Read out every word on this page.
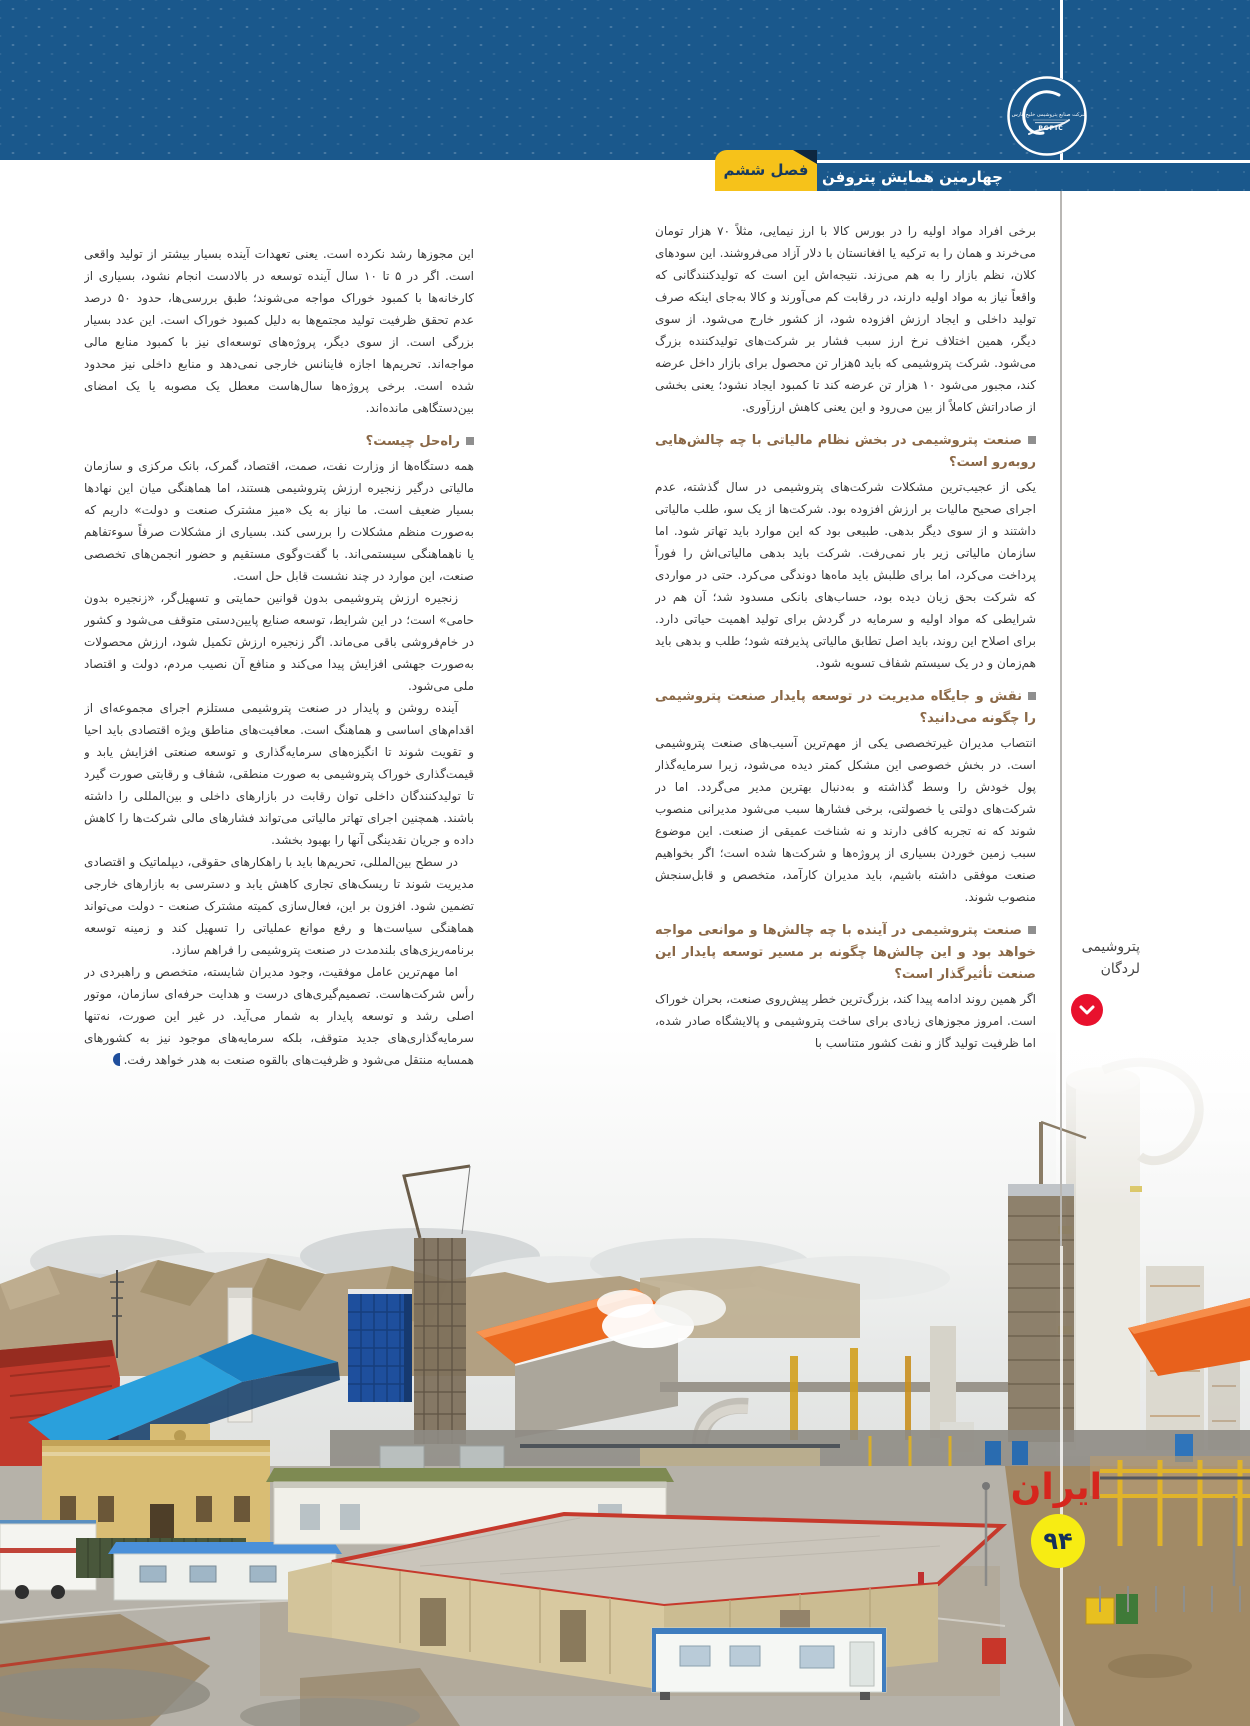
چهارمین همایش پتروفن
فصل ششم
شرکت صنایع پتروشیمی خلیج فارس
PGPIC

این مجوزها رشد نکرده است. یعنی تعهدات آینده بسیار بیشتر از تولید واقعی است. اگر در ۵ تا ۱۰ سال آینده توسعه در بالادست انجام نشود، بسیاری از کارخانه‌ها با کمبود خوراک مواجه می‌شوند؛ طبق بررسی‌ها، حدود ۵۰ درصد عدم تحقق ظرفیت تولید مجتمع‌ها به دلیل کمبود خوراک است. این عدد بسیار بزرگی است. از سوی دیگر، پروژه‌های توسعه‌ای نیز با کمبود منابع مالی مواجه‌اند. تحریم‌ها اجازه فاینانس خارجی نمی‌دهد و منابع داخلی نیز محدود شده است. برخی پروژه‌ها سال‌هاست معطل یک مصوبه یا یک امضای بین‌دستگاهی مانده‌اند.

راه‌حل چیست؟

همه دستگاه‌ها از وزارت نفت، صمت، اقتصاد، گمرک، بانک مرکزی و سازمان مالیاتی درگیر زنجیره ارزش پتروشیمی هستند، اما هماهنگی میان این نهادها بسیار ضعیف است. ما نیاز به یک «میز مشترک صنعت و دولت» داریم که به‌صورت منظم مشکلات را بررسی کند. بسیاری از مشکلات صرفاً سوءتفاهم یا ناهماهنگی سیستمی‌اند. با گفت‌وگوی مستقیم و حضور انجمن‌های تخصصی صنعت، این موارد در چند نشست قابل حل است.

زنجیره ارزش پتروشیمی بدون قوانین حمایتی و تسهیل‌گر، «زنجیره بدون حامی» است؛ در این شرایط، توسعه صنایع پایین‌دستی متوقف می‌شود و کشور در خام‌فروشی باقی می‌ماند. اگر زنجیره ارزش تکمیل شود، ارزش محصولات به‌صورت جهشی افزایش پیدا می‌کند و منافع آن نصیب مردم، دولت و اقتصاد ملی می‌شود.

آینده روشن و پایدار در صنعت پتروشیمی مستلزم اجرای مجموعه‌ای از اقدام‌های اساسی و هماهنگ است. معافیت‌های مناطق ویژه اقتصادی باید احیا و تقویت شوند تا انگیزه‌های سرمایه‌گذاری و توسعه صنعتی افزایش یابد و قیمت‌گذاری خوراک پتروشیمی به صورت منطقی، شفاف و رقابتی صورت گیرد تا تولیدکنندگان داخلی توان رقابت در بازارهای داخلی و بین‌المللی را داشته باشند. همچنین اجرای تهاتر مالیاتی می‌تواند فشارهای مالی شرکت‌ها را کاهش داده و جریان نقدینگی آنها را بهبود بخشد.

در سطح بین‌المللی، تحریم‌ها باید با راهکارهای حقوقی، دیپلماتیک و اقتصادی مدیریت شوند تا ریسک‌های تجاری کاهش یابد و دسترسی به بازارهای خارجی تضمین شود. افزون بر این، فعال‌سازی کمیته مشترک صنعت - دولت می‌تواند هماهنگی سیاست‌ها و رفع موانع عملیاتی را تسهیل کند و زمینه توسعه برنامه‌ریزی‌های بلندمدت در صنعت پتروشیمی را فراهم سازد.

اما مهم‌ترین عامل موفقیت، وجود مدیران شایسته، متخصص و راهبردی در رأس شرکت‌هاست. تصمیم‌گیری‌های درست و هدایت حرفه‌ای سازمان، موتور اصلی رشد و توسعه پایدار به شمار می‌آید. در غیر این صورت، نه‌تنها سرمایه‌گذاری‌های جدید متوقف، بلکه سرمایه‌های موجود نیز به کشورهای همسایه منتقل می‌شود و ظرفیت‌های بالقوه صنعت به هدر خواهد رفت.

برخی افراد مواد اولیه را در بورس کالا با ارز نیمایی، مثلاً ۷۰ هزار تومان می‌خرند و همان را به ترکیه یا افغانستان با دلار آزاد می‌فروشند. این سودهای کلان، نظم بازار را به هم می‌زند. نتیجه‌اش این است که تولیدکنندگانی که واقعاً نیاز به مواد اولیه دارند، در رقابت کم می‌آورند و کالا به‌جای اینکه صرف تولید داخلی و ایجاد ارزش افزوده شود، از کشور خارج می‌شود. از سوی دیگر، همین اختلاف نرخ ارز سبب فشار بر شرکت‌های تولیدکننده بزرگ می‌شود. شرکت پتروشیمی که باید ۵هزار تن محصول برای بازار داخل عرضه کند، مجبور می‌شود ۱۰ هزار تن عرضه کند تا کمبود ایجاد نشود؛ یعنی بخشی از صادراتش کاملاً از بین می‌رود و این یعنی کاهش ارزآوری.

صنعت پتروشیمی در بخش نظام مالیاتی با چه چالش‌هایی روبه‌رو است؟

یکی از عجیب‌ترین مشکلات شرکت‌های پتروشیمی در سال گذشته، عدم اجرای صحیح مالیات بر ارزش افزوده بود. شرکت‌ها از یک سو، طلب مالیاتی داشتند و از سوی دیگر بدهی. طبیعی بود که این موارد باید تهاتر شود. اما سازمان مالیاتی زیر بار نمی‌رفت. شرکت باید بدهی مالیاتی‌اش را فوراً پرداخت می‌کرد، اما برای طلبش باید ماه‌ها دوندگی می‌کرد. حتی در مواردی که شرکت بحق زیان دیده بود، حساب‌های بانکی مسدود شد؛ آن هم در شرایطی که مواد اولیه و سرمایه در گردش برای تولید اهمیت حیاتی دارد. برای اصلاح این روند، باید اصل تطابق مالیاتی پذیرفته شود؛ طلب و بدهی باید هم‌زمان و در یک سیستم شفاف تسویه شود.

نقش و جایگاه مدیریت در توسعه پایدار صنعت پتروشیمی را چگونه می‌دانید؟

انتصاب مدیران غیرتخصصی یکی از مهم‌ترین آسیب‌های صنعت پتروشیمی است. در بخش خصوصی این مشکل کمتر دیده می‌شود، زیرا سرمایه‌گذار پول خودش را وسط گذاشته و به‌دنبال بهترین مدیر می‌گردد. اما در شرکت‌های دولتی یا خصولتی، برخی فشارها سبب می‌شود مدیرانی منصوب شوند که نه تجربه کافی دارند و نه شناخت عمیقی از صنعت. این موضوع سبب زمین خوردن بسیاری از پروژه‌ها و شرکت‌ها شده است؛ اگر بخواهیم صنعت موفقی داشته باشیم، باید مدیران کارآمد، متخصص و قابل‌سنجش منصوب شوند.

صنعت پتروشیمی در آینده با چه چالش‌ها و موانعی مواجه خواهد بود و این چالش‌ها چگونه بر مسیر توسعه پایدار این صنعت تأثیرگذار است؟

اگر همین روند ادامه پیدا کند، بزرگ‌ترین خطر پیش‌روی صنعت، بحران خوراک است. امروز مجوزهای زیادی برای ساخت پتروشیمی و پالایشگاه صادر شده، اما ظرفیت تولید گاز و نفت کشور متناسب با

پتروشیمی لردگان
ایران
۹۴
